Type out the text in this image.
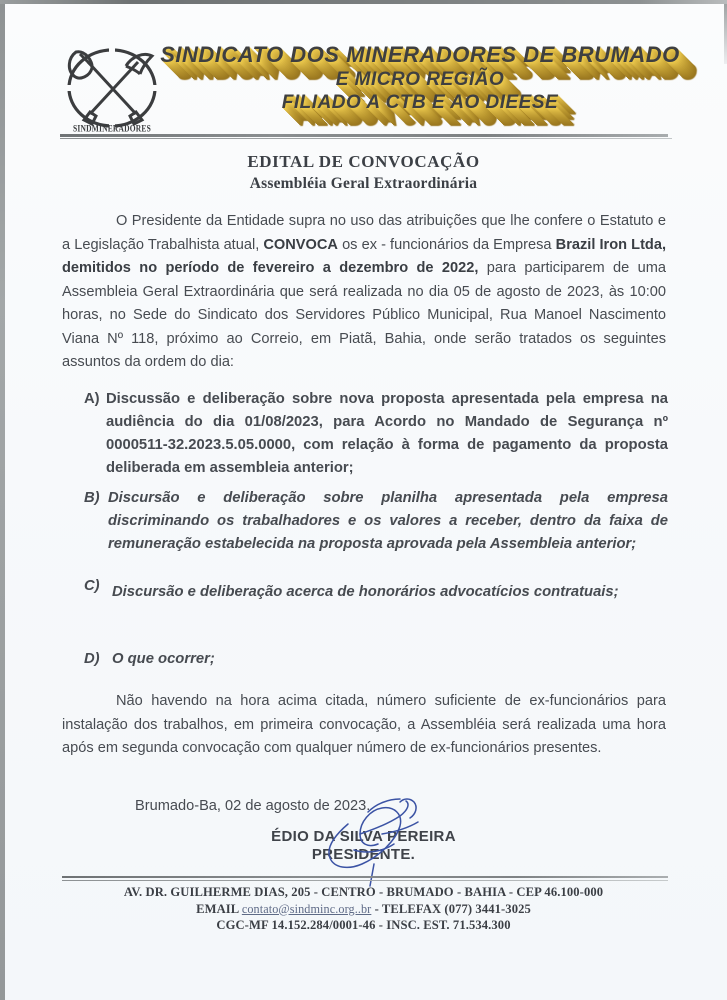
SINDMINERADORES
SINDICATO DOS MINERADORES DE BRUMADO
E MICRO REGIÃO
FILIADO A CTB E AO DIEESE
EDITAL DE CONVOCAÇÃO
Assembléia Geral Extraordinária
O Presidente da Entidade supra no uso das atribuições que lhe confere o Estatuto e a Legislação Trabalhista atual, CONVOCA os ex - funcionários da Empresa Brazil Iron Ltda, demitidos no período de fevereiro a dezembro de 2022, para participarem de uma Assembleia Geral Extraordinária que será realizada no dia 05 de agosto de 2023, às 10:00 horas, no Sede do Sindicato dos Servidores Público Municipal, Rua Manoel Nascimento Viana Nº 118, próximo ao Correio, em Piatã, Bahia, onde serão tratados os seguintes assuntos da ordem do dia:
A) Discussão e deliberação sobre nova proposta apresentada pela empresa na audiência do dia 01/08/2023, para Acordo no Mandado de Segurança nº 0000511-32.2023.5.05.0000, com relação à forma de pagamento da proposta deliberada em assembleia anterior;
B) Discursão e deliberação sobre planilha apresentada pela empresa discriminando os trabalhadores e os valores a receber, dentro da faixa de remuneração estabelecida na proposta aprovada pela Assembleia anterior;
C) Discursão e deliberação acerca de honorários advocatícios contratuais;
D) O que ocorrer;
Não havendo na hora acima citada, número suficiente de ex-funcionários para instalação dos trabalhos, em primeira convocação, a Assembléia será realizada uma hora após em segunda convocação com qualquer número de ex-funcionários presentes.
Brumado-Ba, 02 de agosto de 2023.
ÉDIO DA SILVA PEREIRA
PRESIDENTE.
AV. DR. GUILHERME DIAS, 205 - CENTRO - BRUMADO - BAHIA - CEP 46.100-000
EMAIL contato@sindminc.org..br - TELEFAX (077) 3441-3025
CGC-MF 14.152.284/0001-46 - INSC. EST. 71.534.300
